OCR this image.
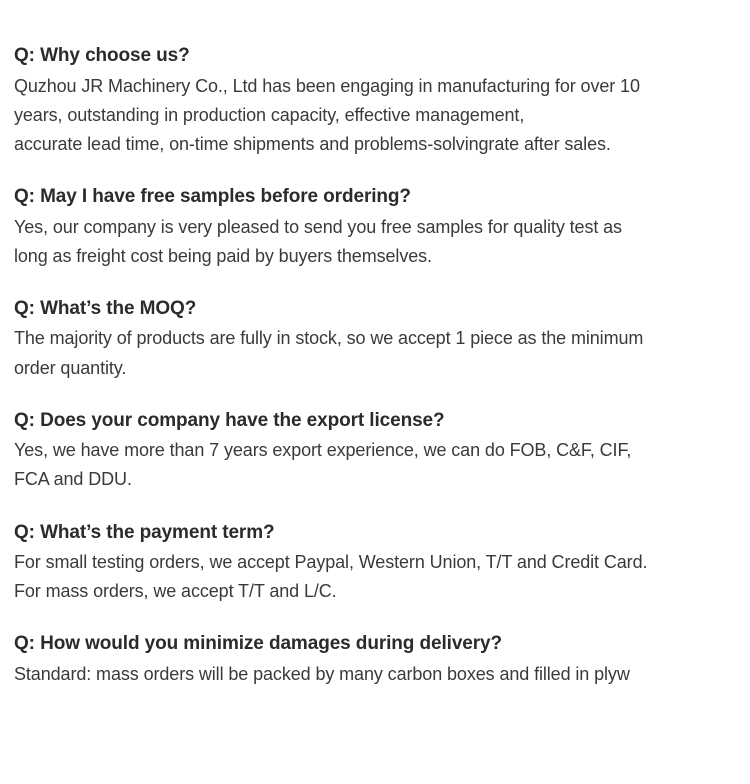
Q: Why choose us?

Quzhou JR Machinery Co., Ltd has been engaging in manufacturing for over 10
years, outstanding in production capacity, effective management,
accurate lead time, on-time shipments and problems-solvingrate after sales.

Q: May I have free samples before ordering?

Yes, our company is very pleased to send you free samples for quality test as
long as freight cost being paid by buyers themselves.

Q: What’s the MOQ?

The majority of products are fully in stock, so we accept 1 piece as the minimum
order quantity.

Q: Does your company have the export license?

Yes, we have more than 7 years export experience, we can do FOB, C&F, CIF,
FCA and DDU.

Q: What’s the payment term?

For small testing orders, we accept Paypal, Western Union, T/T and Credit Card.
For mass orders, we accept T/T and L/C.

Q: How would you minimize damages during delivery?

Standard: mass orders will be packed by many carbon boxes and filled in plyw
